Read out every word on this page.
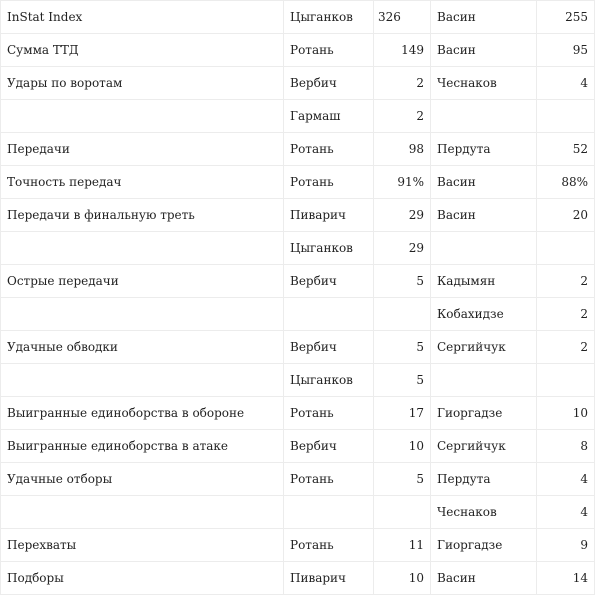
InStat Index	Цыганков	326	Васин	255
Сумма ТТД	Ротань	149	Васин	95
Удары по воротам	Вербич	2	Чеснаков	4
	Гармаш	2		
Передачи	Ротань	98	Пердута	52
Точность передач	Ротань	91%	Васин	88%
Передачи в финальную треть	Пиварич	29	Васин	20
	Цыганков	29		
Острые передачи	Вербич	5	Кадымян	2
			Кобахидзе	2
Удачные обводки	Вербич	5	Сергийчук	2
	Цыганков	5		
Выигранные единоборства в обороне	Ротань	17	Гиоргадзе	10
Выигранные единоборства в атаке	Вербич	10	Сергийчук	8
Удачные отборы	Ротань	5	Пердута	4
			Чеснаков	4
Перехваты	Ротань	11	Гиоргадзе	9
Подборы	Пиварич	10	Васин	14
